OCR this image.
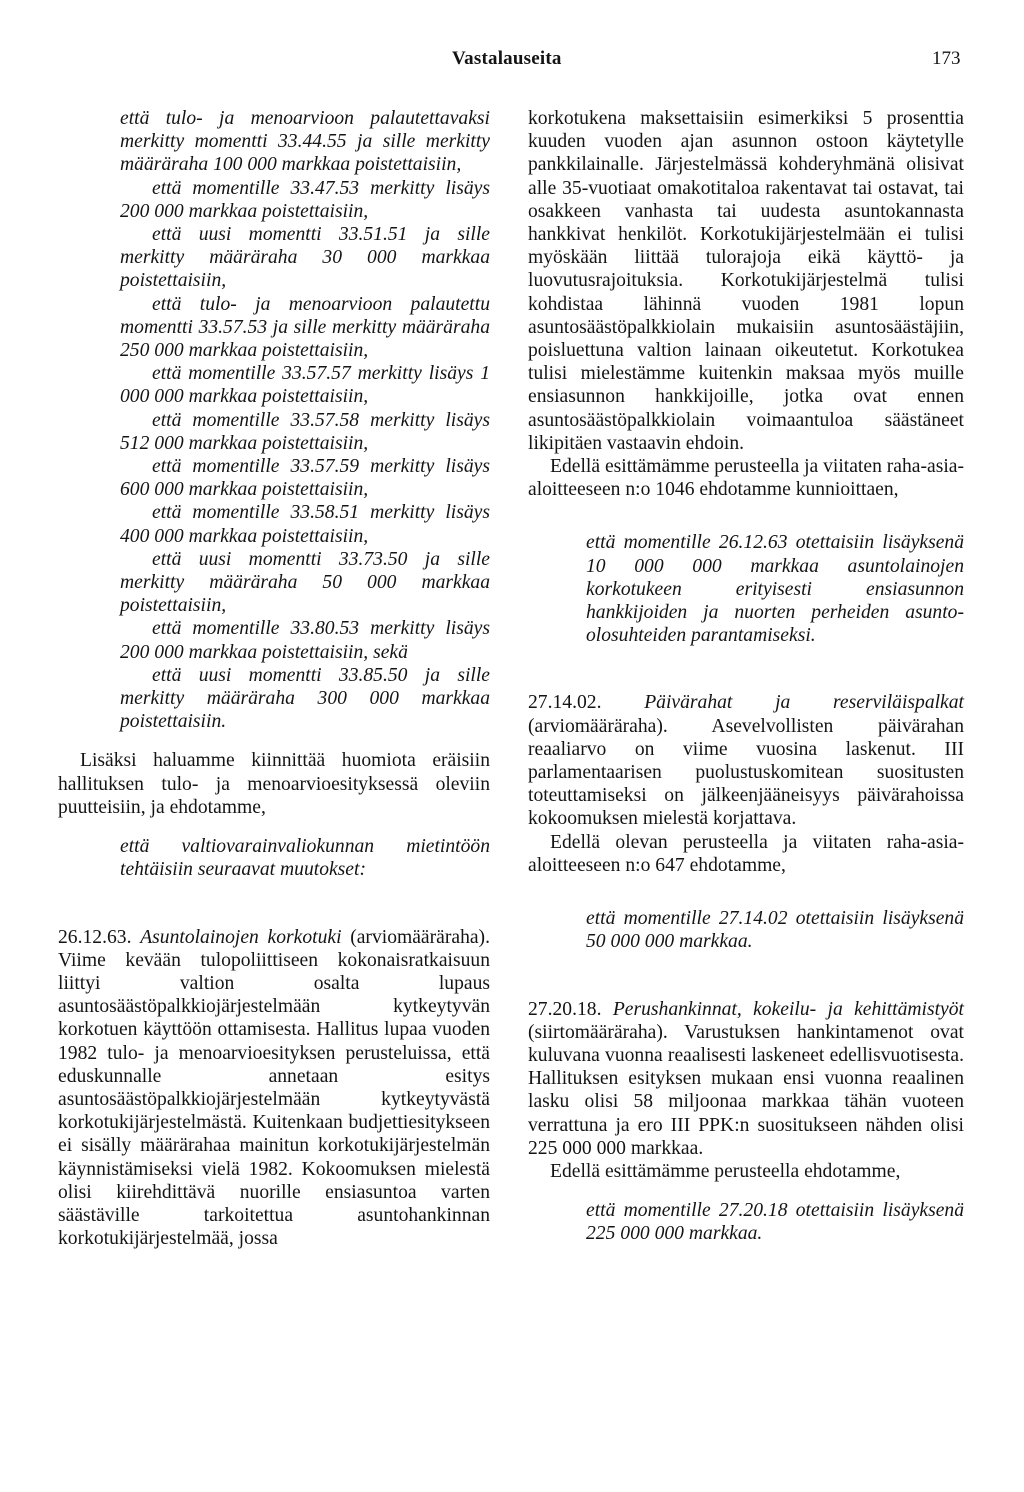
Vastalauseita	173

että tulo- ja menoarvioon palautettavaksi merkitty momentti 33.44.55 ja sille merkitty määräraha 100 000 markkaa poistettaisiin,

että momentille 33.47.53 merkitty lisäys 200 000 markkaa poistettaisiin,

että uusi momentti 33.51.51 ja sille merkitty määräraha 30 000 markkaa poistettaisiin,

että tulo- ja menoarvioon palautettu momentti 33.57.53 ja sille merkitty määräraha 250 000 markkaa poistettaisiin,

että momentille 33.57.57 merkitty lisäys 1 000 000 markkaa poistettaisiin,

että momentille 33.57.58 merkitty lisäys 512 000 markkaa poistettaisiin,

että momentille 33.57.59 merkitty lisäys 600 000 markkaa poistettaisiin,

että momentille 33.58.51 merkitty lisäys 400 000 markkaa poistettaisiin,

että uusi momentti 33.73.50 ja sille merkitty määräraha 50 000 markkaa poistettaisiin,

että momentille 33.80.53 merkitty lisäys 200 000 markkaa poistettaisiin, sekä

että uusi momentti 33.85.50 ja sille merkitty määräraha 300 000 markkaa poistettaisiin.

Lisäksi haluamme kiinnittää huomiota eräisiin hallituksen tulo- ja menoarvioesityksessä oleviin puutteisiin, ja ehdotamme,

että valtiovarainvaliokunnan mietintöön tehtäisiin seuraavat muutokset:

26.12.63. Asuntolainojen korkotuki (arviomääräraha). Viime kevään tulopoliittiseen kokonaisratkaisuun liittyi valtion osalta lupaus asuntosäästöpalkkiojärjestelmään kytkeytyvän korkotuen käyttöön ottamisesta. Hallitus lupaa vuoden 1982 tulo- ja menoarvioesityksen perusteluissa, että eduskunnalle annetaan esitys asuntosäästöpalkkiojärjestelmään kytkeytyvästä korkotukijärjestelmästä. Kuitenkaan budjettiesitykseen ei sisälly määrärahaa mainitun korkotukijärjestelmän käynnistämiseksi vielä 1982. Kokoomuksen mielestä olisi kiirehdittävä nuorille ensiasuntoa varten säästäville tarkoitettua asuntohankinnan korkotukijärjestelmää, jossa

korkotukena maksettaisiin esimerkiksi 5 prosenttia kuuden vuoden ajan asunnon ostoon käytetylle pankkilainalle. Järjestelmässä kohderyhmänä olisivat alle 35-vuotiaat omakotitaloa rakentavat tai ostavat, tai osakkeen vanhasta tai uudesta asuntokannasta hankkivat henkilöt. Korkotukijärjestelmään ei tulisi myöskään liittää tulorajoja eikä käyttö- ja luovutusrajoituksia. Korkotukijärjestelmä tulisi kohdistaa lähinnä vuoden 1981 lopun asuntosäästöpalkkiolain mukaisiin asuntosäästäjiin, poisluettuna valtion lainaan oikeutetut. Korkotukea tulisi mielestämme kuitenkin maksaa myös muille ensiasunnon hankkijoille, jotka ovat ennen asuntosäästöpalkkiolain voimaantuloa säästäneet likipitäen vastaavin ehdoin.

Edellä esittämämme perusteella ja viitaten raha-asia-aloitteeseen n:o 1046 ehdotamme kunnioittaen,

että momentille 26.12.63 otettaisiin lisäyksenä 10 000 000 markkaa asuntolainojen korkotukeen erityisesti ensiasunnon hankkijoiden ja nuorten perheiden asunto-olosuhteiden parantamiseksi.

27.14.02. Päivärahat ja reserviläispalkat (arviomääräraha). Asevelvollisten päivärahan reaaliarvo on viime vuosina laskenut. III parlamentaarisen puolustuskomitean suositusten toteuttamiseksi on jälkeenjääneisyys päivärahoissa kokoomuksen mielestä korjattava.

Edellä olevan perusteella ja viitaten raha-asia-aloitteeseen n:o 647 ehdotamme,

että momentille 27.14.02 otettaisiin lisäyksenä 50 000 000 markkaa.

27.20.18. Perushankinnat, kokeilu- ja kehittämistyöt (siirtomääräraha). Varustuksen hankintamenot ovat kuluvana vuonna reaalisesti laskeneet edellisvuotisesta. Hallituksen esityksen mukaan ensi vuonna reaalinen lasku olisi 58 miljoonaa markkaa tähän vuoteen verrattuna ja ero III PPK:n suositukseen nähden olisi 225 000 000 markkaa.

Edellä esittämämme perusteella ehdotamme,

että momentille 27.20.18 otettaisiin lisäyksenä 225 000 000 markkaa.
